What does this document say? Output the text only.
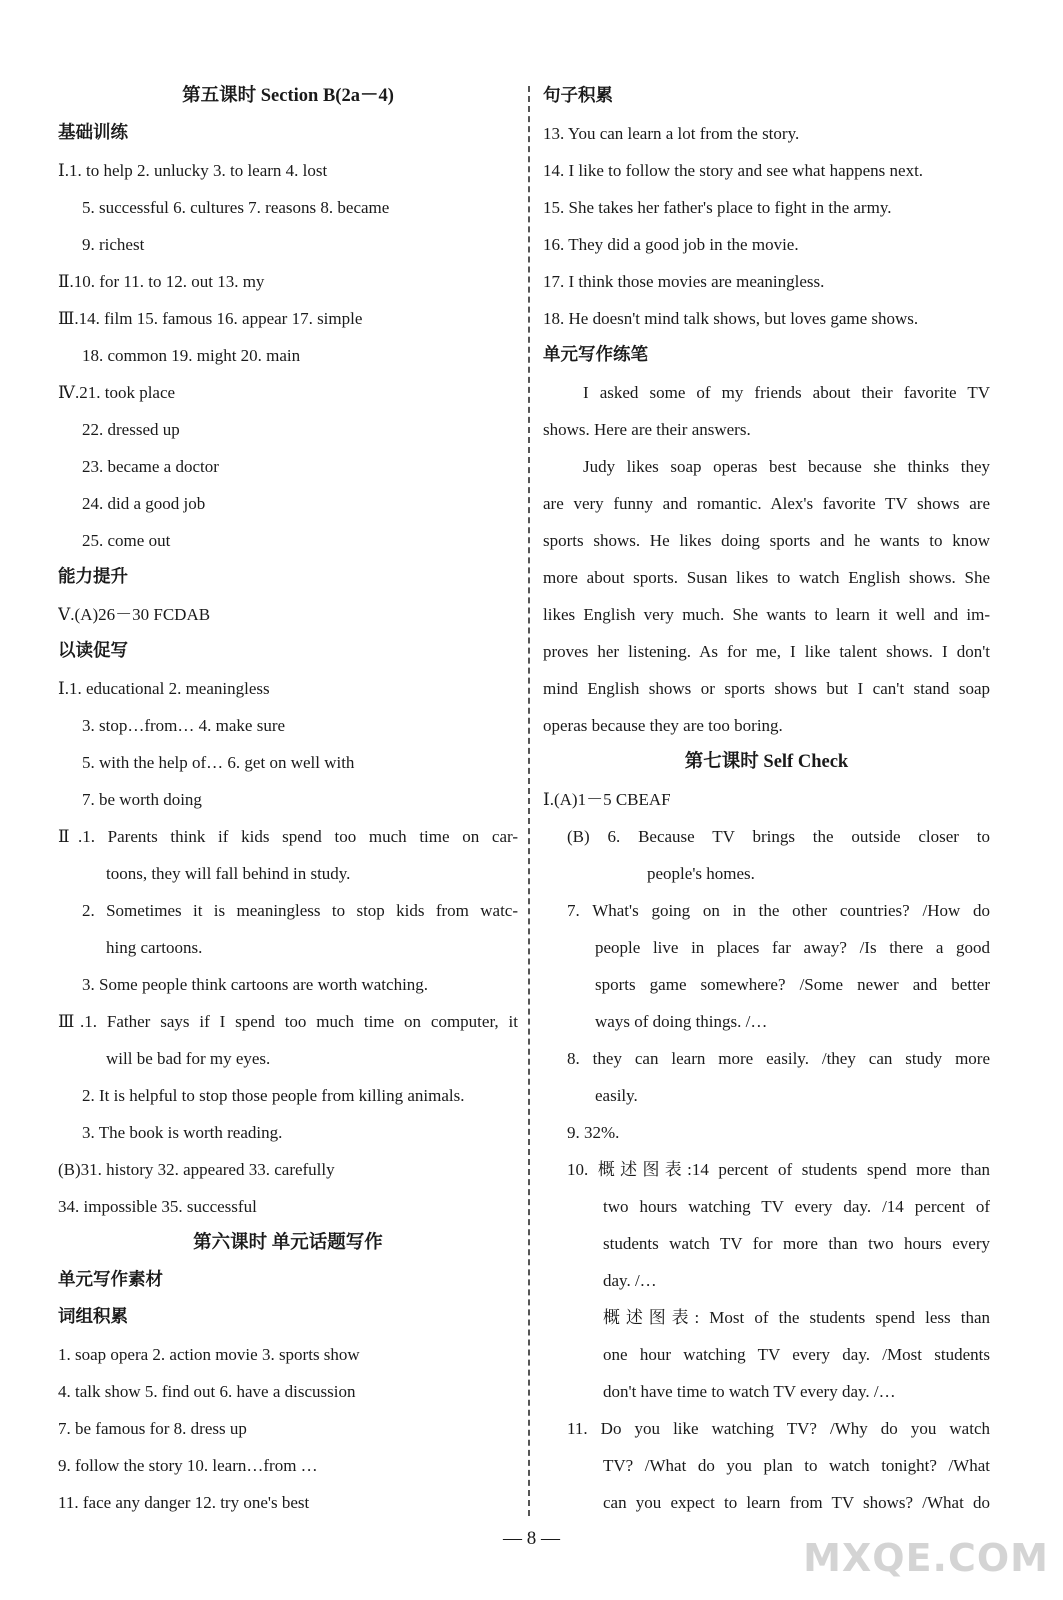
第五课时 Section B(2a－4)
基础训练
Ⅰ.1. to help 2. unlucky 3. to learn 4. lost
5. successful 6. cultures 7. reasons 8. became
9. richest
Ⅱ.10. for 11. to 12. out 13. my
Ⅲ.14. film 15. famous 16. appear 17. simple
18. common 19. might 20. main
Ⅳ.21. took place
22. dressed up
23. became a doctor
24. did a good job
25. come out
能力提升
Ⅴ.(A)26－30 FCDAB
以读促写
Ⅰ.1. educational 2. meaningless
3. stop…from… 4. make sure
5. with the help of… 6. get on well with
7. be worth doing
Ⅱ.1. Parents think if kids spend too much time on car-
toons, they will fall behind in study.
2. Sometimes it is meaningless to stop kids from watc-
hing cartoons.
3. Some people think cartoons are worth watching.
Ⅲ.1. Father says if I spend too much time on computer, it
will be bad for my eyes.
2. It is helpful to stop those people from killing animals.
3. The book is worth reading.
(B)31. history 32. appeared 33. carefully
34. impossible 35. successful
第六课时 单元话题写作
单元写作素材
词组积累
1. soap opera 2. action movie 3. sports show
4. talk show 5. find out 6. have a discussion
7. be famous for 8. dress up
9. follow the story 10. learn…from …
11. face any danger 12. try one's best
句子积累
13. You can learn a lot from the story.
14. I like to follow the story and see what happens next.
15. She takes her father's place to fight in the army.
16. They did a good job in the movie.
17. I think those movies are meaningless.
18. He doesn't mind talk shows, but loves game shows.
单元写作练笔
I asked some of my friends about their favorite TV
shows. Here are their answers.
Judy likes soap operas best because she thinks they
are very funny and romantic. Alex's favorite TV shows are
sports shows. He likes doing sports and he wants to know
more about sports. Susan likes to watch English shows. She
likes English very much. She wants to learn it well and im-
proves her listening. As for me, I like talent shows. I don't
mind English shows or sports shows but I can't stand soap
operas because they are too boring.
第七课时 Self Check
Ⅰ.(A)1－5 CBEAF
(B) 6. Because TV brings the outside closer to
people's homes.
7. What's going on in the other countries? /How do
people live in places far away? /Is there a good
sports game somewhere? /Some newer and better
ways of doing things. /…
8. they can learn more easily. /they can study more
easily.
9. 32%.
10. 概述图表:14 percent of students spend more than
two hours watching TV every day. /14 percent of
students watch TV for more than two hours every
day. /…
概述图表: Most of the students spend less than
one hour watching TV every day. /Most students
don't have time to watch TV every day. /…
11. Do you like watching TV? /Why do you watch
TV? /What do you plan to watch tonight? /What
can you expect to learn from TV shows? /What do
— 8 —	MXQE.COM
